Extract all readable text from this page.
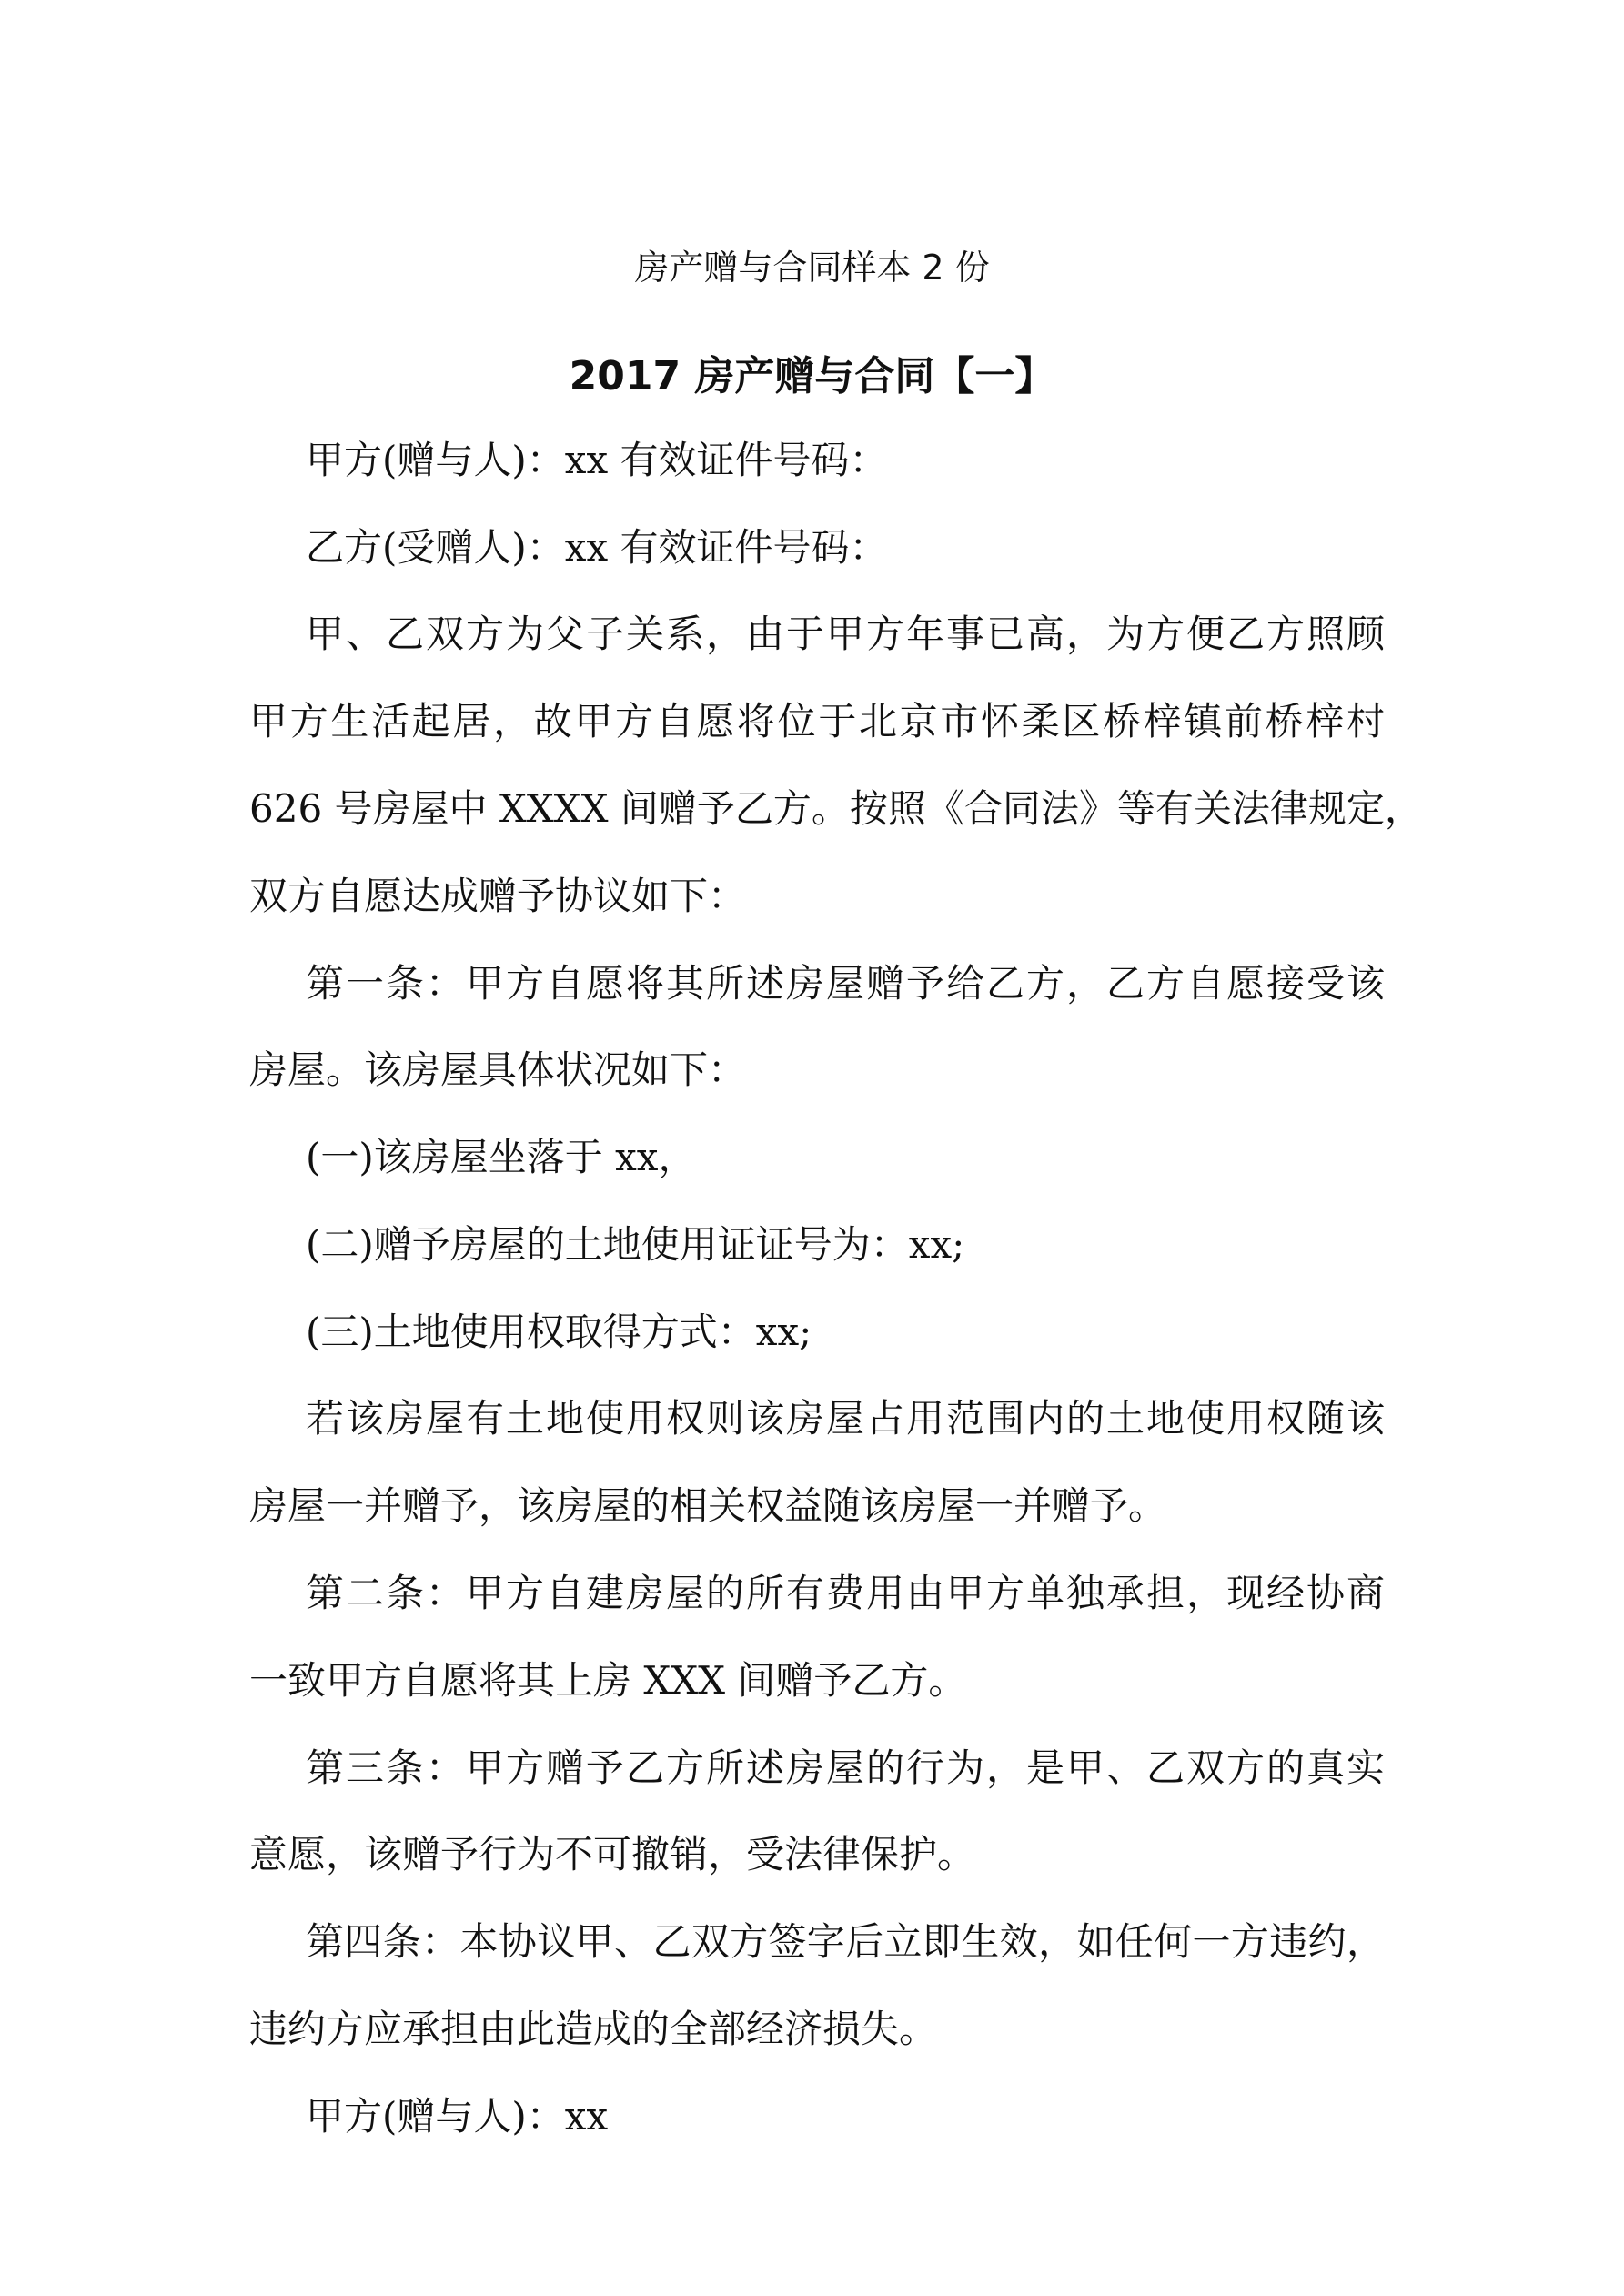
房产赠与合同样本 2 份
2017 房产赠与合同【一】
甲方(赠与人)：xx 有效证件号码：
乙方(受赠人)：xx 有效证件号码：
甲、乙双方为父子关系，由于甲方年事已高，为方便乙方照顾
甲方生活起居，故甲方自愿将位于北京市怀柔区桥梓镇前桥梓村
626 号房屋中 XXXX 间赠予乙方。按照《合同法》等有关法律规定，
双方自愿达成赠予协议如下：
第一条：甲方自愿将其所述房屋赠予给乙方，乙方自愿接受该
房屋。该房屋具体状况如下：
(一)该房屋坐落于 xx，
(二)赠予房屋的土地使用证证号为：xx;
(三)土地使用权取得方式：xx;
若该房屋有土地使用权则该房屋占用范围内的土地使用权随该
房屋一并赠予，该房屋的相关权益随该房屋一并赠予。
第二条：甲方自建房屋的所有费用由甲方单独承担，现经协商
一致甲方自愿将其上房 XXX 间赠予乙方。
第三条：甲方赠予乙方所述房屋的行为，是甲、乙双方的真实
意愿，该赠予行为不可撤销，受法律保护。
第四条：本协议甲、乙双方签字后立即生效，如任何一方违约，
违约方应承担由此造成的全部经济损失。
甲方(赠与人)：xx
